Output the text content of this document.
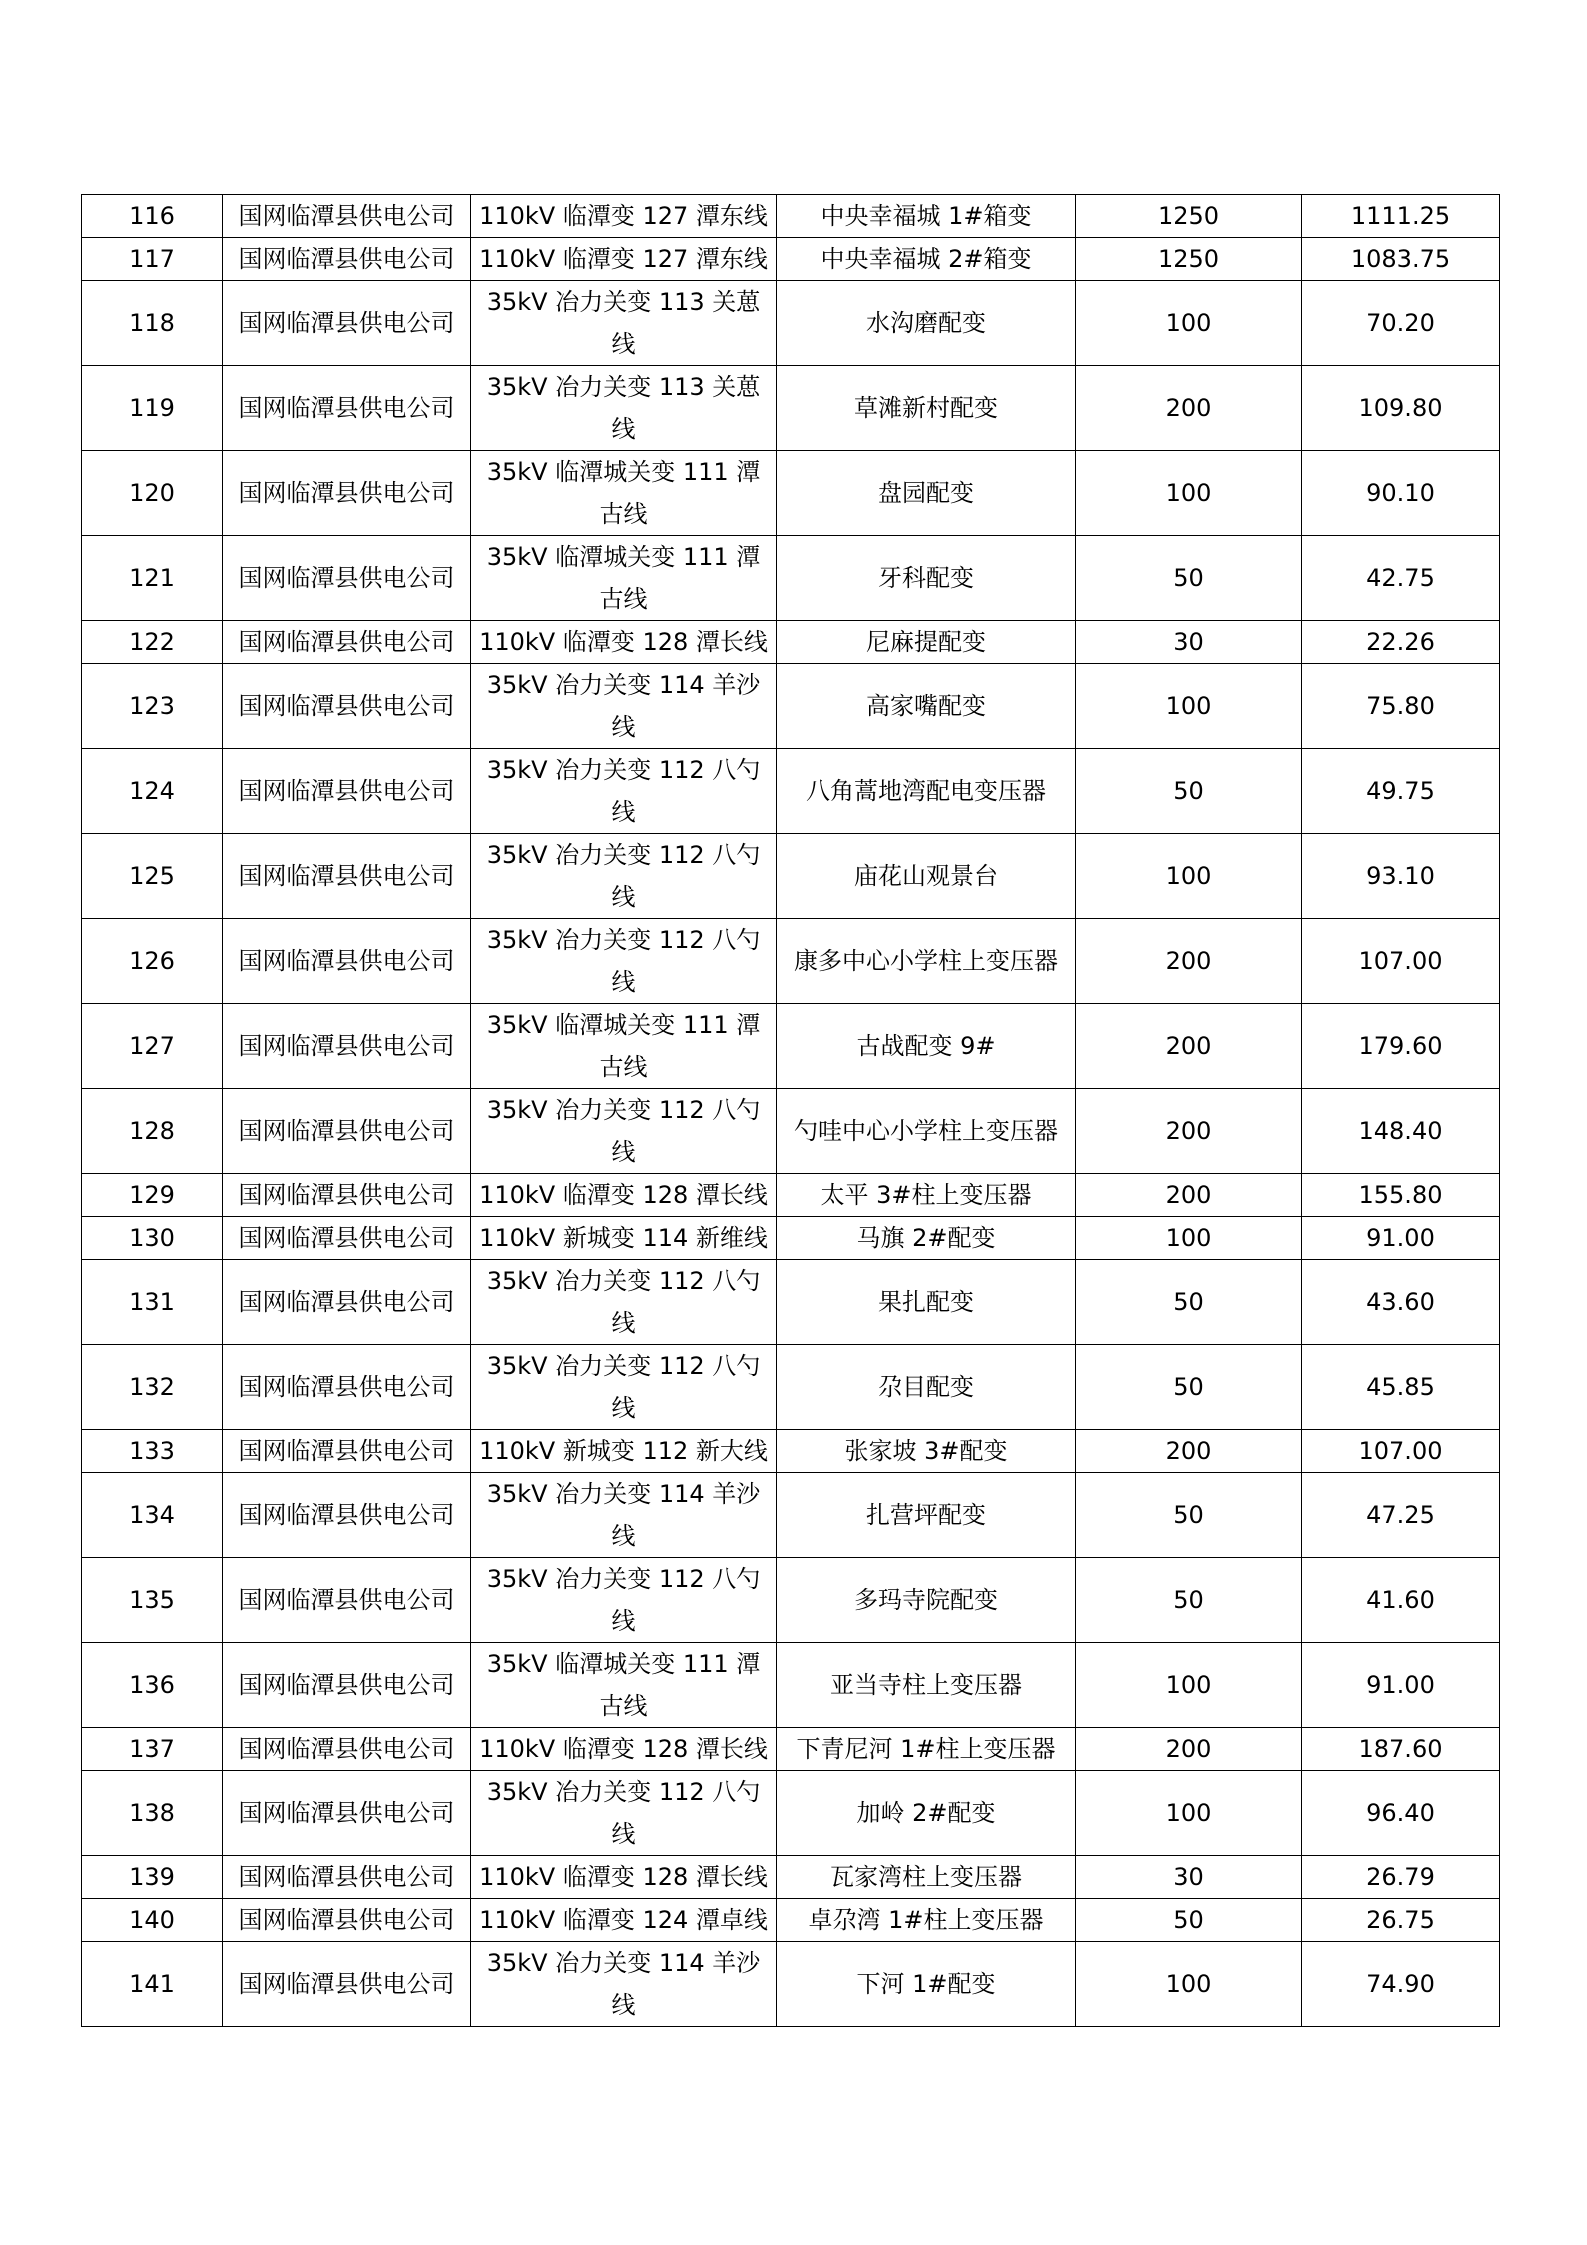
116	国网临潭县供电公司	110kV 临潭变 127 潭东线	中央幸福城 1#箱变	1250	1111.25
117	国网临潭县供电公司	110kV 临潭变 127 潭东线	中央幸福城 2#箱变	1250	1083.75
118	国网临潭县供电公司	35kV 冶力关变 113 关葸线	水沟磨配变	100	70.20
119	国网临潭县供电公司	35kV 冶力关变 113 关葸线	草滩新村配变	200	109.80
120	国网临潭县供电公司	35kV 临潭城关变 111 潭古线	盘园配变	100	90.10
121	国网临潭县供电公司	35kV 临潭城关变 111 潭古线	牙科配变	50	42.75
122	国网临潭县供电公司	110kV 临潭变 128 潭长线	尼麻提配变	30	22.26
123	国网临潭县供电公司	35kV 冶力关变 114 羊沙线	高家嘴配变	100	75.80
124	国网临潭县供电公司	35kV 冶力关变 112 八勺线	八角蒿地湾配电变压器	50	49.75
125	国网临潭县供电公司	35kV 冶力关变 112 八勺线	庙花山观景台	100	93.10
126	国网临潭县供电公司	35kV 冶力关变 112 八勺线	康多中心小学柱上变压器	200	107.00
127	国网临潭县供电公司	35kV 临潭城关变 111 潭古线	古战配变 9#	200	179.60
128	国网临潭县供电公司	35kV 冶力关变 112 八勺线	勺哇中心小学柱上变压器	200	148.40
129	国网临潭县供电公司	110kV 临潭变 128 潭长线	太平 3#柱上变压器	200	155.80
130	国网临潭县供电公司	110kV 新城变 114 新维线	马旗 2#配变	100	91.00
131	国网临潭县供电公司	35kV 冶力关变 112 八勺线	果扎配变	50	43.60
132	国网临潭县供电公司	35kV 冶力关变 112 八勺线	尕目配变	50	45.85
133	国网临潭县供电公司	110kV 新城变 112 新大线	张家坡 3#配变	200	107.00
134	国网临潭县供电公司	35kV 冶力关变 114 羊沙线	扎营坪配变	50	47.25
135	国网临潭县供电公司	35kV 冶力关变 112 八勺线	多玛寺院配变	50	41.60
136	国网临潭县供电公司	35kV 临潭城关变 111 潭古线	亚当寺柱上变压器	100	91.00
137	国网临潭县供电公司	110kV 临潭变 128 潭长线	下青尼河 1#柱上变压器	200	187.60
138	国网临潭县供电公司	35kV 冶力关变 112 八勺线	加岭 2#配变	100	96.40
139	国网临潭县供电公司	110kV 临潭变 128 潭长线	瓦家湾柱上变压器	30	26.79
140	国网临潭县供电公司	110kV 临潭变 124 潭卓线	卓尕湾 1#柱上变压器	50	26.75
141	国网临潭县供电公司	35kV 冶力关变 114 羊沙线	下河 1#配变	100	74.90
